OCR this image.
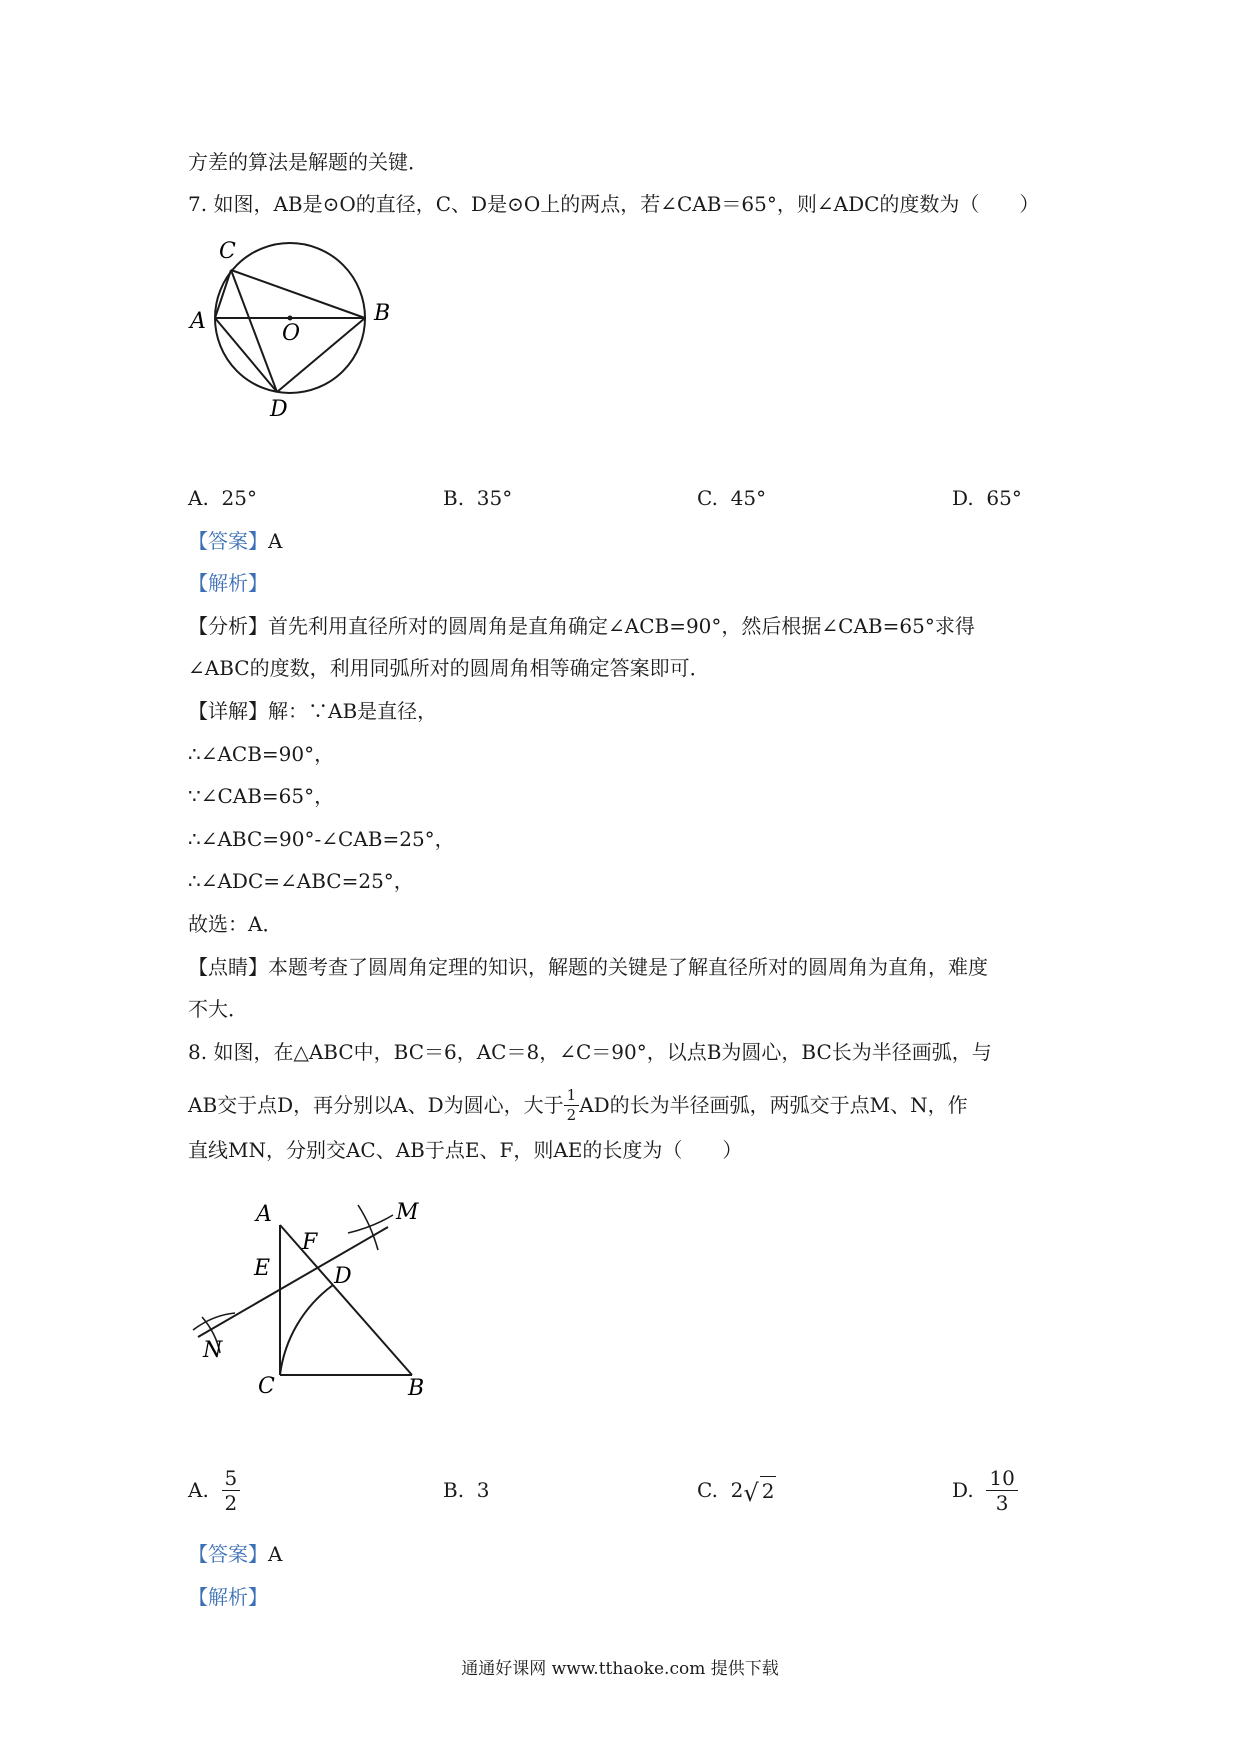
方差的算法是解题的关键．
7. 如图，AB是⊙O的直径，C、D是⊙O上的两点，若∠CAB＝65°，则∠ADC的度数为（　　）
C
A	B
O
D
A. 25°	B. 35°	C. 45°	D. 65°
【答案】A
【解析】
【分析】首先利用直径所对的圆周角是直角确定∠ACB=90°，然后根据∠CAB=65°求得
∠ABC的度数，利用同弧所对的圆周角相等确定答案即可．
【详解】解：∵AB是直径，
∴∠ACB=90°，
∵∠CAB=65°，
∴∠ABC=90°-∠CAB=25°，
∴∠ADC=∠ABC=25°，
故选：A．
【点睛】本题考查了圆周角定理的知识，解题的关键是了解直径所对的圆周角为直角，难度
不大．
8. 如图，在△ABC中，BC＝6，AC＝8，∠C＝90°，以点B为圆心，BC长为半径画弧，与
AB交于点D，再分别以A、D为圆心，大于 $\frac{1}{2}$ AD的长为半径画弧，两弧交于点M、N，作
直线MN，分别交AC、AB于点E、F，则AE的长度为（　　）
M
A
F
E	D
N
C	B
A.
$\frac{5}{2}$	B.
3	C.
2 √ 2	D.
$\frac{10}{3}$
【答案】A
【解析】
通通好课网 www.tthaoke.com 提供下载
